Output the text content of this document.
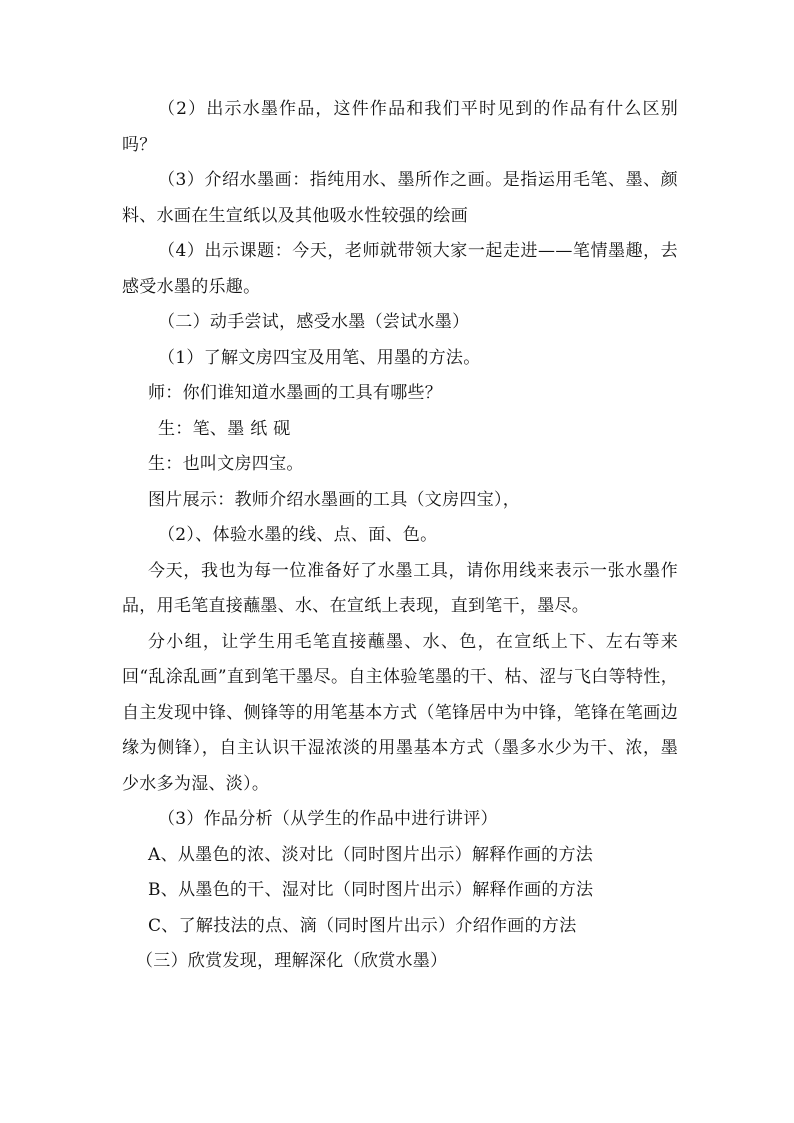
（2）出示水墨作品，这件作品和我们平时见到的作品有什么区别吗？

（3）介绍水墨画：指纯用水、墨所作之画。是指运用毛笔、墨、颜料、水画在生宣纸以及其他吸水性较强的绘画

（4）出示课题：今天，老师就带领大家一起走进——笔情墨趣，去感受水墨的乐趣。

（二）动手尝试，感受水墨（尝试水墨）

（1）了解文房四宝及用笔、用墨的方法。

师：你们谁知道水墨画的工具有哪些？

生：笔、墨 纸 砚

生：也叫文房四宝。

图片展示：教师介绍水墨画的工具（文房四宝），

（2）、体验水墨的线、点、面、色。

今天，我也为每一位准备好了水墨工具，请你用线来表示一张水墨作品，用毛笔直接蘸墨、水、在宣纸上表现，直到笔干，墨尽。

分小组，让学生用毛笔直接蘸墨、水、色，在宣纸上下、左右等来回“乱涂乱画”直到笔干墨尽。自主体验笔墨的干、枯、涩与飞白等特性，自主发现中锋、侧锋等的用笔基本方式（笔锋居中为中锋，笔锋在笔画边缘为侧锋），自主认识干湿浓淡的用墨基本方式（墨多水少为干、浓，墨少水多为湿、淡）。

（3）作品分析（从学生的作品中进行讲评）

A、从墨色的浓、淡对比（同时图片出示）解释作画的方法

B、从墨色的干、湿对比（同时图片出示）解释作画的方法

C、了解技法的点、滴（同时图片出示）介绍作画的方法

（三）欣赏发现，理解深化（欣赏水墨）
